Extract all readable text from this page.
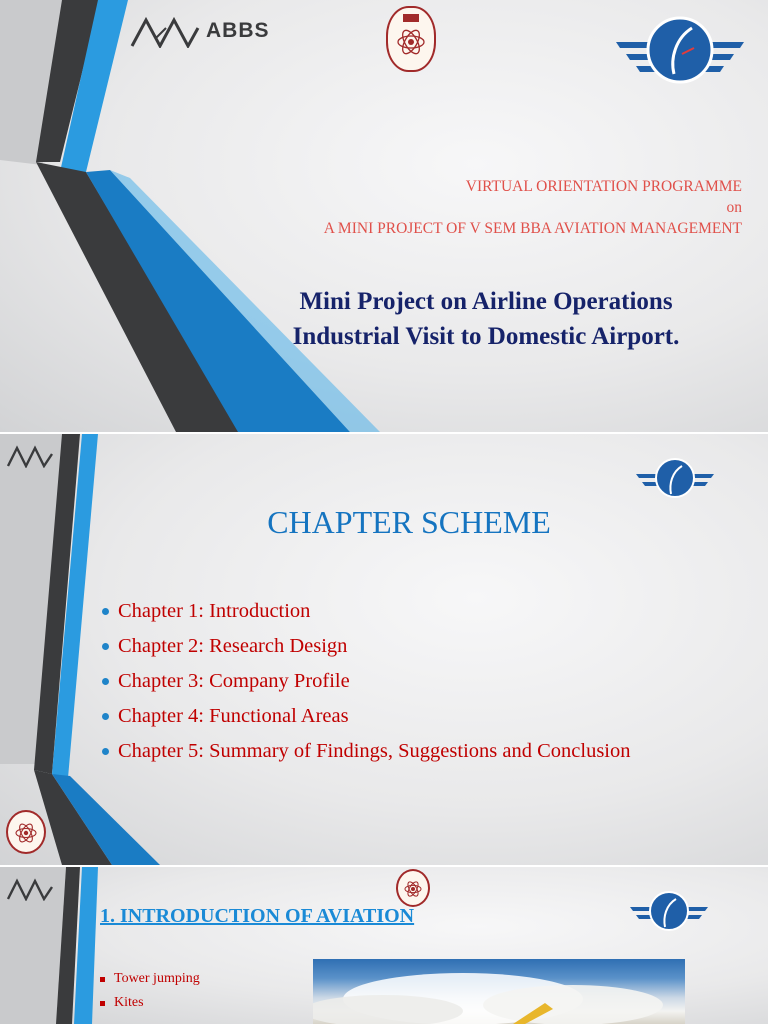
ABBS
VIRTUAL ORIENTATION PROGRAMME
on
A MINI PROJECT OF V SEM BBA AVIATION MANAGEMENT
Mini Project on Airline Operations
Industrial Visit to Domestic Airport.
CHAPTER SCHEME
Chapter 1: Introduction
Chapter 2: Research Design
Chapter 3: Company Profile
Chapter 4: Functional Areas
Chapter 5: Summary of Findings, Suggestions and Conclusion
1. INTRODUCTION OF AVIATION
Tower jumping
Kites
